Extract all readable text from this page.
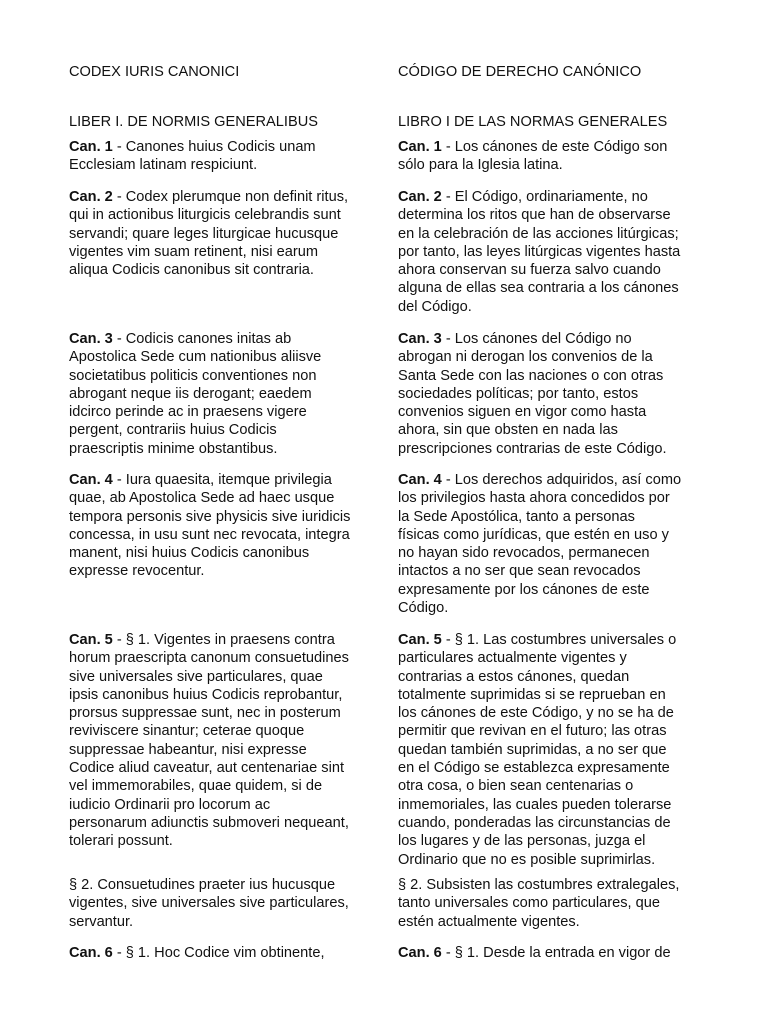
CODEX IURIS CANONICI
LIBER I. DE NORMIS GENERALIBUS
Can. 1 - Canones huius Codicis unam
Ecclesiam latinam respiciunt.
Can. 2 - Codex plerumque non definit ritus,
qui in actionibus liturgicis celebrandis sunt
servandi; quare leges liturgicae hucusque
vigentes vim suam retinent, nisi earum
aliqua Codicis canonibus sit contraria.
Can. 3 - Codicis canones initas ab
Apostolica Sede cum nationibus aliisve
societatibus politicis conventiones non
abrogant neque iis derogant; eaedem
idcirco perinde ac in praesens vigere
pergent, contrariis huius Codicis
praescriptis minime obstantibus.
Can. 4 - Iura quaesita, itemque privilegia
quae, ab Apostolica Sede ad haec usque
tempora personis sive physicis sive iuridicis
concessa, in usu sunt nec revocata, integra
manent, nisi huius Codicis canonibus
expresse revocentur.
Can. 5 - § 1. Vigentes in praesens contra
horum praescripta canonum consuetudines
sive universales sive particulares, quae
ipsis canonibus huius Codicis reprobantur,
prorsus suppressae sunt, nec in posterum
reviviscere sinantur; ceterae quoque
suppressae habeantur, nisi expresse
Codice aliud caveatur, aut centenariae sint
vel immemorabiles, quae quidem, si de
iudicio Ordinarii pro locorum ac
personarum adiunctis submoveri nequeant,
tolerari possunt.
§ 2. Consuetudines praeter ius hucusque
vigentes, sive universales sive particulares,
servantur.
Can. 6 - § 1. Hoc Codice vim obtinente,
CÓDIGO DE DERECHO CANÓNICO
LIBRO I DE LAS NORMAS GENERALES
Can. 1 - Los cánones de este Código son
sólo para la Iglesia latina.
Can. 2 - El Código, ordinariamente, no
determina los ritos que han de observarse
en la celebración de las acciones litúrgicas;
por tanto, las leyes litúrgicas vigentes hasta
ahora conservan su fuerza salvo cuando
alguna de ellas sea contraria a los cánones
del Código.
Can. 3 - Los cánones del Código no
abrogan ni derogan los convenios de la
Santa Sede con las naciones o con otras
sociedades políticas; por tanto, estos
convenios siguen en vigor como hasta
ahora, sin que obsten en nada las
prescripciones contrarias de este Código.
Can. 4 - Los derechos adquiridos, así como
los privilegios hasta ahora concedidos por
la Sede Apostólica, tanto a personas
físicas como jurídicas, que estén en uso y
no hayan sido revocados, permanecen
intactos a no ser que sean revocados
expresamente por los cánones de este
Código.
Can. 5 - § 1. Las costumbres universales o
particulares actualmente vigentes y
contrarias a estos cánones, quedan
totalmente suprimidas si se reprueban en
los cánones de este Código, y no se ha de
permitir que revivan en el futuro; las otras
quedan también suprimidas, a no ser que
en el Código se establezca expresamente
otra cosa, o bien sean centenarias o
inmemoriales, las cuales pueden tolerarse
cuando, ponderadas las circunstancias de
los lugares y de las personas, juzga el
Ordinario que no es posible suprimirlas.
§ 2. Subsisten las costumbres extralegales,
tanto universales como particulares, que
estén actualmente vigentes.
Can. 6 - § 1. Desde la entrada en vigor de
